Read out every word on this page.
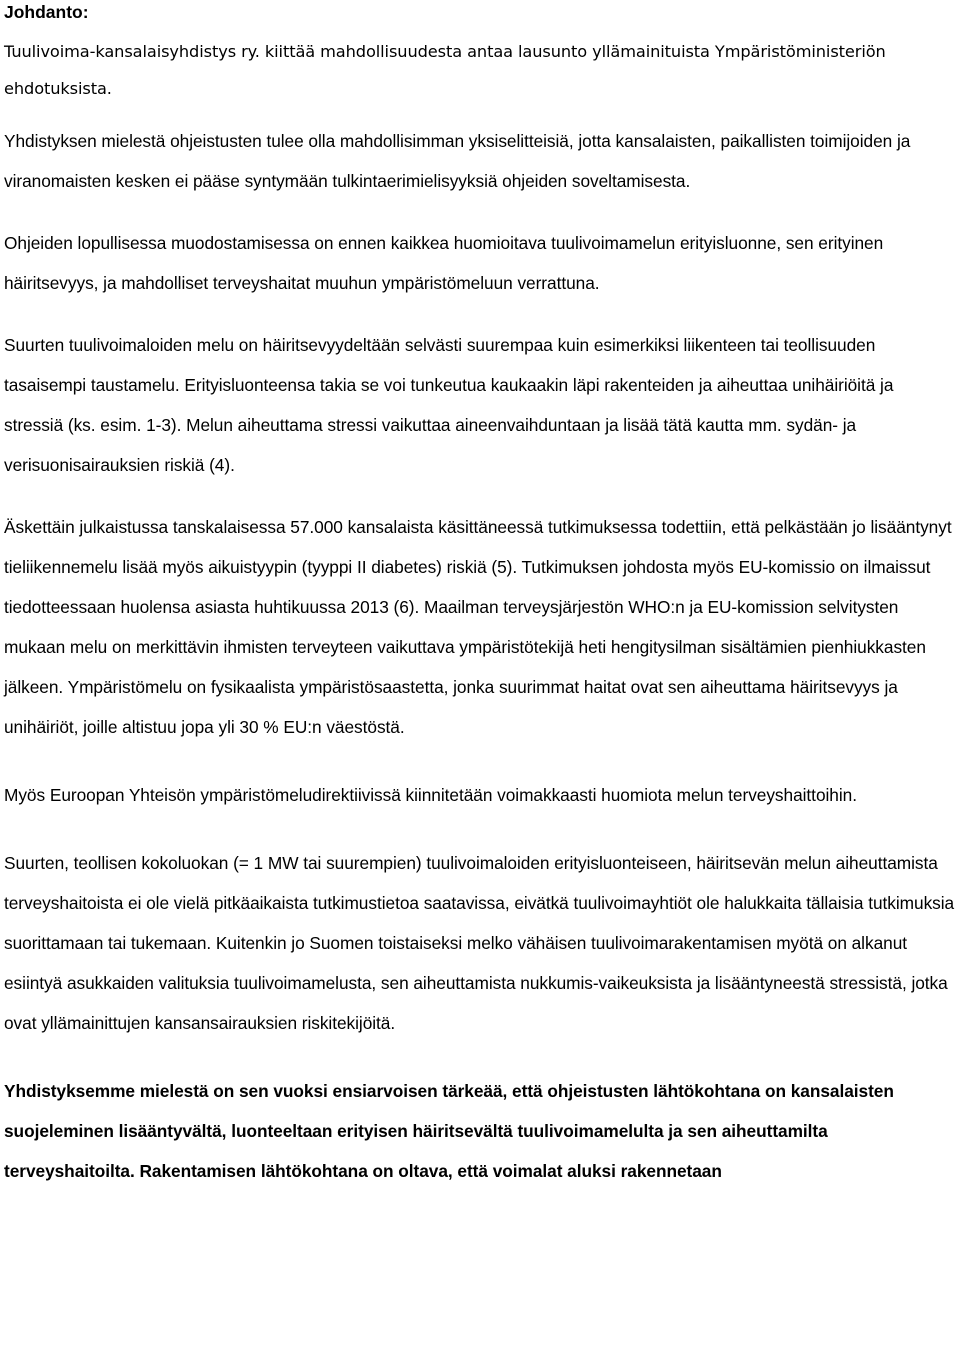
Johdanto:

Tuulivoima-kansalaisyhdistys ry. kiittää mahdollisuudesta antaa lausunto yllämainituista Ympäristöministeriön ehdotuksista.

Yhdistyksen mielestä ohjeistusten tulee olla mahdollisimman yksiselitteisiä, jotta kansalaisten, paikallisten toimijoiden ja viranomaisten kesken ei pääse syntymään tulkintaerimielisyyksiä ohjeiden soveltamisesta.

Ohjeiden lopullisessa muodostamisessa on ennen kaikkea huomioitava tuulivoimamelun erityisluonne, sen erityinen häiritsevyys, ja mahdolliset terveyshaitat muuhun ympäristömeluun verrattuna.

Suurten tuulivoimaloiden melu on häiritsevyydeltään selvästi suurempaa kuin esimerkiksi liikenteen tai teollisuuden tasaisempi taustamelu. Erityisluonteensa takia se voi tunkeutua kaukaakin läpi rakenteiden ja aiheuttaa unihäiriöitä ja stressiä (ks. esim. 1-3). Melun aiheuttama stressi vaikuttaa aineenvaihduntaan ja lisää tätä kautta mm. sydän- ja verisuonisairauksien riskiä (4).

Äskettäin julkaistussa tanskalaisessa 57.000 kansalaista käsittäneessä tutkimuksessa todettiin, että pelkästään jo lisääntynyt tieliikennemelu lisää myös aikuistyypin (tyyppi II diabetes) riskiä (5). Tutkimuksen johdosta myös EU-komissio on ilmaissut tiedotteessaan huolensa asiasta huhtikuussa 2013 (6). Maailman terveysjärjestön WHO:n ja EU-komission selvitysten mukaan melu on merkittävin ihmisten terveyteen vaikuttava ympäristötekijä heti hengitysilman sisältämien pienhiukkasten jälkeen. Ympäristömelu on fysikaalista ympäristösaastetta, jonka suurimmat haitat ovat sen aiheuttama häiritsevyys ja unihäiriöt, joille altistuu jopa yli 30 % EU:n väestöstä.

Myös Euroopan Yhteisön ympäristömeludirektiivissä kiinnitetään voimakkaasti huomiota melun terveyshaittoihin.

Suurten, teollisen kokoluokan (= 1 MW tai suurempien) tuulivoimaloiden erityisluonteiseen, häiritsevän melun aiheuttamista terveyshaitoista ei ole vielä pitkäaikaista tutkimustietoa saatavissa, eivätkä tuulivoimayhtiöt ole halukkaita tällaisia tutkimuksia suorittamaan tai tukemaan. Kuitenkin jo Suomen toistaiseksi melko vähäisen tuulivoimarakentamisen myötä on alkanut esiintyä asukkaiden valituksia tuulivoimamelusta, sen aiheuttamista nukkumis-vaikeuksista ja lisääntyneestä stressistä, jotka ovat yllämainittujen kansansairauksien riskitekijöitä.

Yhdistyksemme mielestä on sen vuoksi ensiarvoisen tärkeää, että ohjeistusten lähtökohtana on kansalaisten suojeleminen lisääntyvältä, luonteeltaan erityisen häiritsevältä tuulivoimamelulta ja sen aiheuttamilta terveyshaitoilta. Rakentamisen lähtökohtana on oltava, että voimalat aluksi rakennetaan
